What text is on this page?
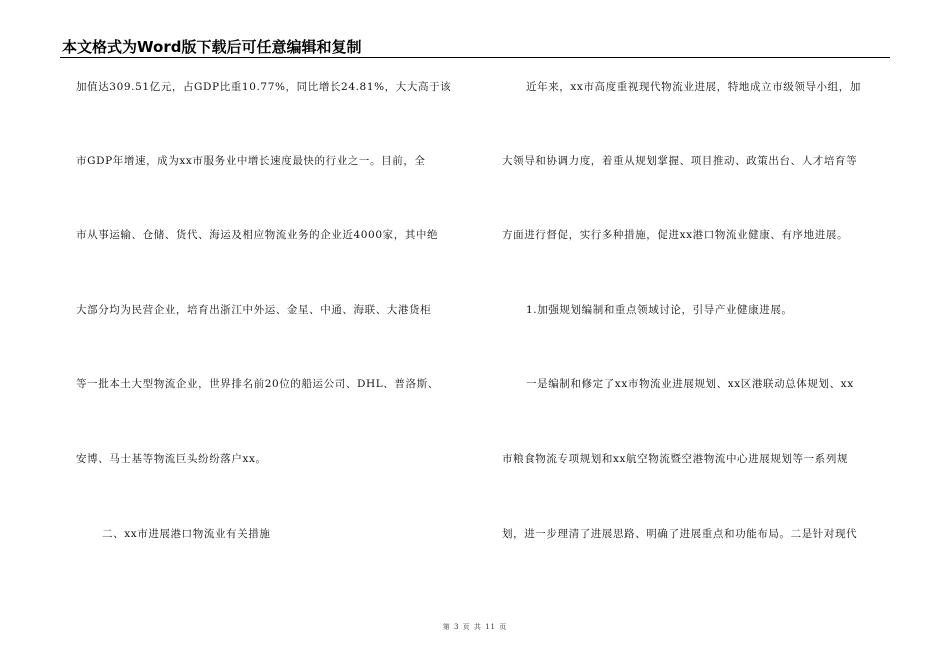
本文格式为Word版下载后可任意编辑和复制
加值达309.51亿元，占GDP比重10.77%，同比增长24.81%，大大高于该
市GDP年增速，成为xx市服务业中增长速度最快的行业之一。目前，全
市从事运输、仓储、货代、海运及相应物流业务的企业近4000家，其中绝
大部分均为民营企业，培育出浙江中外运、金星、中通、海联、大港货柜
等一批本土大型物流企业，世界排名前20位的船运公司、DHL、普洛斯、
安博、马士基等物流巨头纷纷落户xx。
二、xx市进展港口物流业有关措施
近年来，xx市高度重视现代物流业进展，特地成立市级领导小组，加
大领导和协调力度，着重从规划掌握、项目推动、政策出台、人才培育等
方面进行督促，实行多种措施，促进xx港口物流业健康、有序地进展。
1.加强规划编制和重点领域讨论，引导产业健康进展。
一是编制和修定了xx市物流业进展规划、xx区港联动总体规划、xx
市粮食物流专项规划和xx航空物流暨空港物流中心进展规划等一系列规
划，进一步理清了进展思路、明确了进展重点和功能布局。二是针对现代
第 3 页 共 11 页
